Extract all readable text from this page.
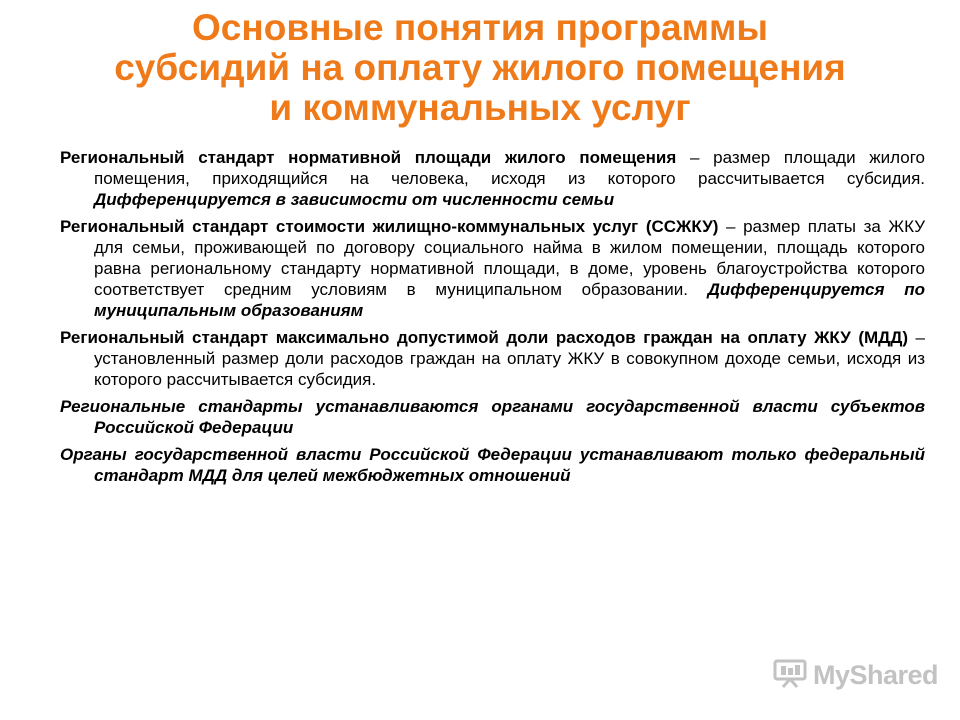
Основные понятия программы
субсидий на оплату жилого помещения
и коммунальных услуг
Региональный стандарт нормативной площади жилого помещения – размер площади жилого помещения, приходящийся на человека, исходя из которого рассчитывается субсидия. Дифференцируется в зависимости от численности семьи
Региональный стандарт стоимости жилищно-коммунальных услуг (ССЖКУ) – размер платы за ЖКУ для семьи, проживающей по договору социального найма в жилом помещении, площадь которого равна региональному стандарту нормативной площади, в доме, уровень благоустройства которого соответствует средним условиям в муниципальном образовании. Дифференцируется по муниципальным образованиям
Региональный стандарт максимально допустимой доли расходов граждан на оплату ЖКУ (МДД) – установленный размер доли расходов граждан на оплату ЖКУ в совокупном доходе семьи, исходя из которого рассчитывается субсидия.
Региональные стандарты устанавливаются органами государственной власти субъектов Российской Федерации
Органы государственной власти Российской Федерации устанавливают только федеральный стандарт МДД для целей межбюджетных отношений
MyShared
